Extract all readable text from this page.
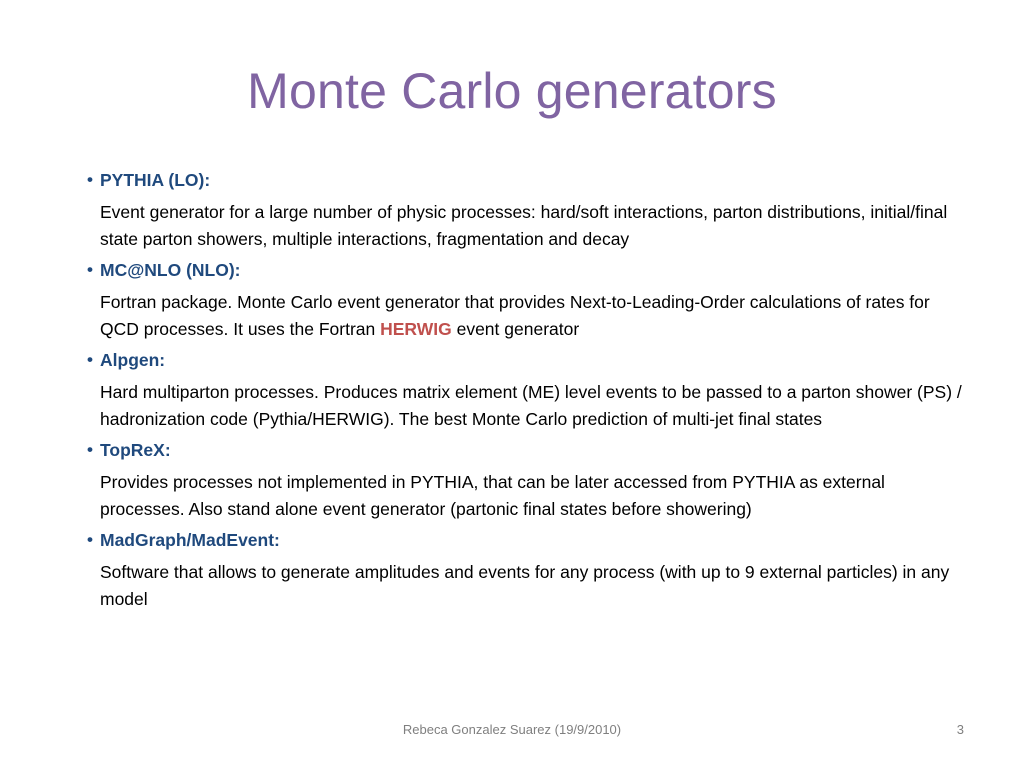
Monte Carlo generators
• PYTHIA (LO):
Event generator for a large number of physic processes: hard/soft interactions, parton distributions, initial/final state parton showers, multiple interactions, fragmentation and decay
• MC@NLO (NLO):
Fortran package. Monte Carlo event generator that provides Next-to-Leading-Order calculations of rates for QCD processes. It uses the Fortran HERWIG event generator
• Alpgen:
Hard multiparton processes. Produces matrix element (ME) level events to be passed to a parton shower (PS) / hadronization code (Pythia/HERWIG). The best Monte Carlo prediction of multi-jet final states
• TopReX:
Provides processes not implemented in PYTHIA, that can be later accessed from PYTHIA as external processes. Also stand alone event generator (partonic final states before showering)
• MadGraph/MadEvent:
Software that allows to generate amplitudes and events for any process (with up to 9 external particles) in any model
Rebeca Gonzalez Suarez (19/9/2010)	3
